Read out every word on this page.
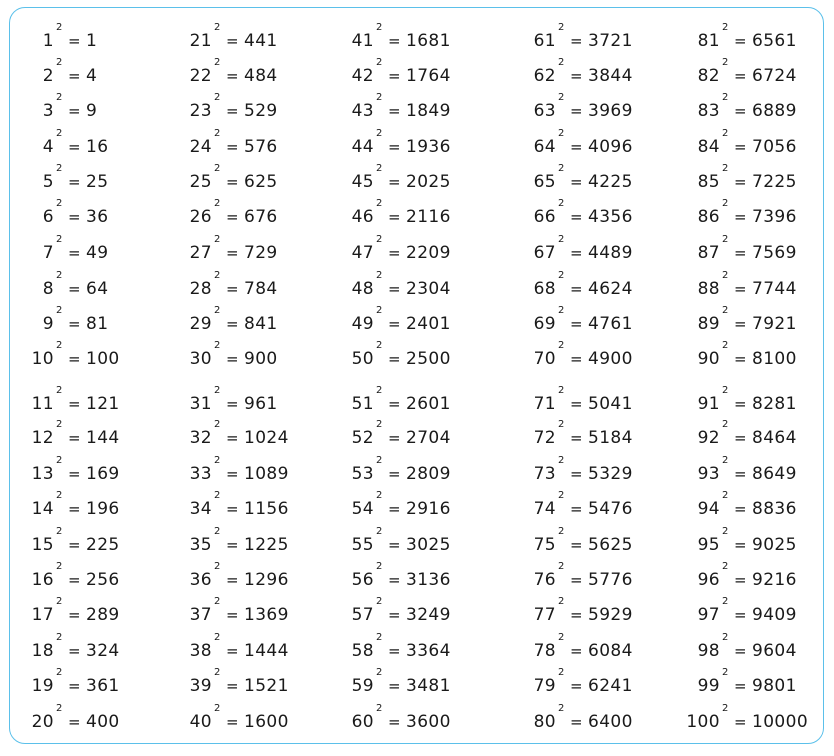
1
2
= 1
2
2
= 4
3
2
= 9
4
2
= 16
5
2
= 25
6
2
= 36
7
2
= 49
8
2
= 64
9
2
= 81
10
2
= 100
11
2
= 121
12
2
= 144
13
2
= 169
14
2
= 196
15
2
= 225
16
2
= 256
17
2
= 289
18
2
= 324
19
2
= 361
20
2
= 400
21
2
= 441
22
2
= 484
23
2
= 529
24
2
= 576
25
2
= 625
26
2
= 676
27
2
= 729
28
2
= 784
29
2
= 841
30
2
= 900
31
2
= 961
32
2
= 1024
33
2
= 1089
34
2
= 1156
35
2
= 1225
36
2
= 1296
37
2
= 1369
38
2
= 1444
39
2
= 1521
40
2
= 1600
41
2
= 1681
42
2
= 1764
43
2
= 1849
44
2
= 1936
45
2
= 2025
46
2
= 2116
47
2
= 2209
48
2
= 2304
49
2
= 2401
50
2
= 2500
51
2
= 2601
52
2
= 2704
53
2
= 2809
54
2
= 2916
55
2
= 3025
56
2
= 3136
57
2
= 3249
58
2
= 3364
59
2
= 3481
60
2
= 3600
61
2
= 3721
62
2
= 3844
63
2
= 3969
64
2
= 4096
65
2
= 4225
66
2
= 4356
67
2
= 4489
68
2
= 4624
69
2
= 4761
70
2
= 4900
71
2
= 5041
72
2
= 5184
73
2
= 5329
74
2
= 5476
75
2
= 5625
76
2
= 5776
77
2
= 5929
78
2
= 6084
79
2
= 6241
80
2
= 6400
81
2
= 6561
82
2
= 6724
83
2
= 6889
84
2
= 7056
85
2
= 7225
86
2
= 7396
87
2
= 7569
88
2
= 7744
89
2
= 7921
90
2
= 8100
91
2
= 8281
92
2
= 8464
93
2
= 8649
94
2
= 8836
95
2
= 9025
96
2
= 9216
97
2
= 9409
98
2
= 9604
99
2
= 9801
100
2
= 10000
